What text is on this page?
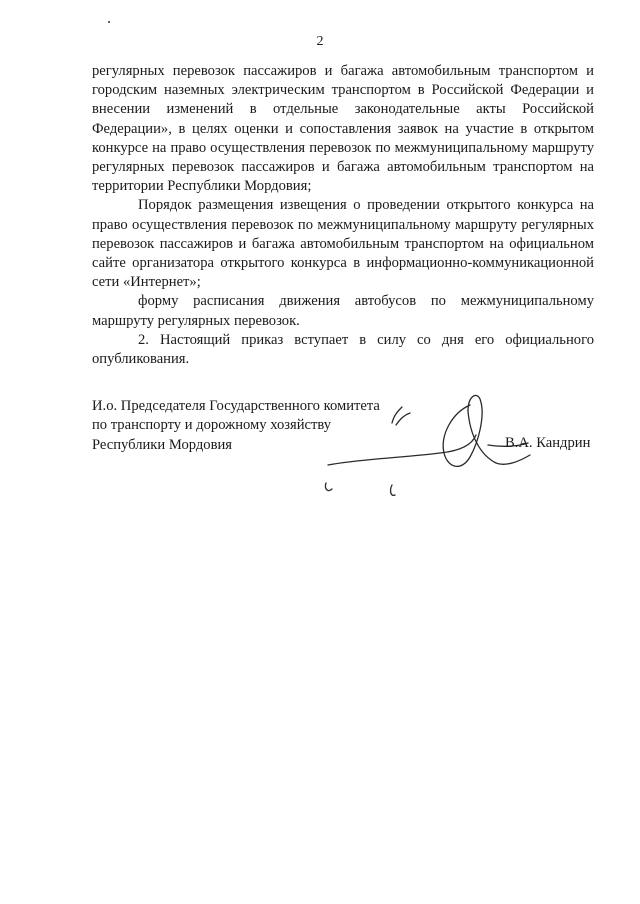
2

регулярных перевозок пассажиров и багажа автомобильным транспортом и городским наземных электрическим транспортом в Российской Федерации и внесении изменений в отдельные законодательные акты Российской Федерации», в целях оценки и сопоставления заявок на участие в открытом конкурсе на право осуществления перевозок по межмуниципальному маршруту регулярных перевозок пассажиров и багажа автомобильным транспортом на территории Республики Мордовия;

Порядок размещения извещения о проведении открытого конкурса на право осуществления перевозок по межмуниципальному маршруту регулярных перевозок пассажиров и багажа автомобильным транспортом на официальном сайте организатора открытого конкурса в информационно-коммуникационной сети «Интернет»;

форму расписания движения автобусов по межмуниципальному маршруту регулярных перевозок.

2. Настоящий приказ вступает в силу со дня его официального опубликования.

И.о. Председателя Государственного комитета
по транспорту и дорожному хозяйству
Республики Мордовия	В.А. Кандрин
